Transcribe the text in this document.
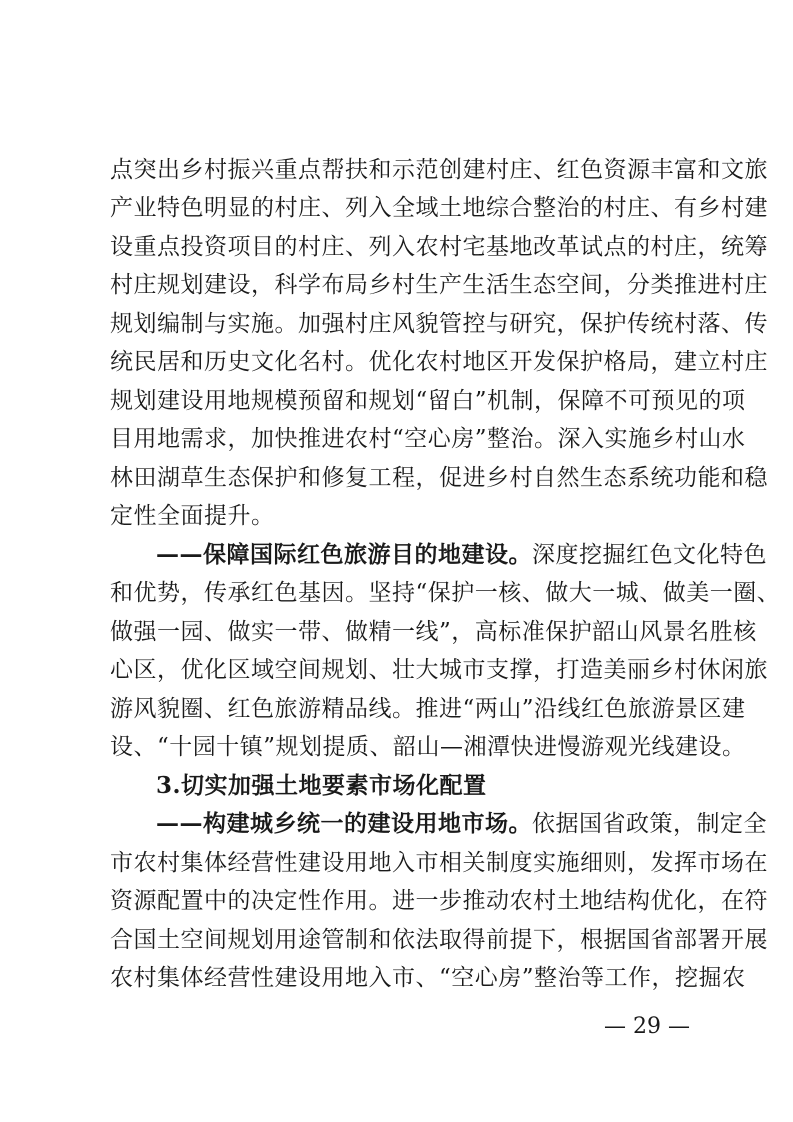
点突出乡村振兴重点帮扶和示范创建村庄、红色资源丰富和文旅
产业特色明显的村庄、列入全域土地综合整治的村庄、有乡村建
设重点投资项目的村庄、列入农村宅基地改革试点的村庄，统筹
村庄规划建设，科学布局乡村生产生活生态空间，分类推进村庄
规划编制与实施。加强村庄风貌管控与研究，保护传统村落、传
统民居和历史文化名村。优化农村地区开发保护格局，建立村庄
规划建设用地规模预留和规划“留白”机制，保障不可预见的项
目用地需求，加快推进农村“空心房”整治。深入实施乡村山水
林田湖草生态保护和修复工程，促进乡村自然生态系统功能和稳
定性全面提升。
——保障国际红色旅游目的地建设。深度挖掘红色文化特色
和优势，传承红色基因。坚持“保护一核、做大一城、做美一圈、
做强一园、做实一带、做精一线”，高标准保护韶山风景名胜核
心区，优化区域空间规划、壮大城市支撑，打造美丽乡村休闲旅
游风貌圈、红色旅游精品线。推进“两山”沿线红色旅游景区建
设、“十园十镇”规划提质、韶山—湘潭快进慢游观光线建设。
3.切实加强土地要素市场化配置
——构建城乡统一的建设用地市场。依据国省政策，制定全
市农村集体经营性建设用地入市相关制度实施细则，发挥市场在
资源配置中的决定性作用。进一步推动农村土地结构优化，在符
合国土空间规划用途管制和依法取得前提下，根据国省部署开展
农村集体经营性建设用地入市、“空心房”整治等工作，挖掘农
— 29 —
